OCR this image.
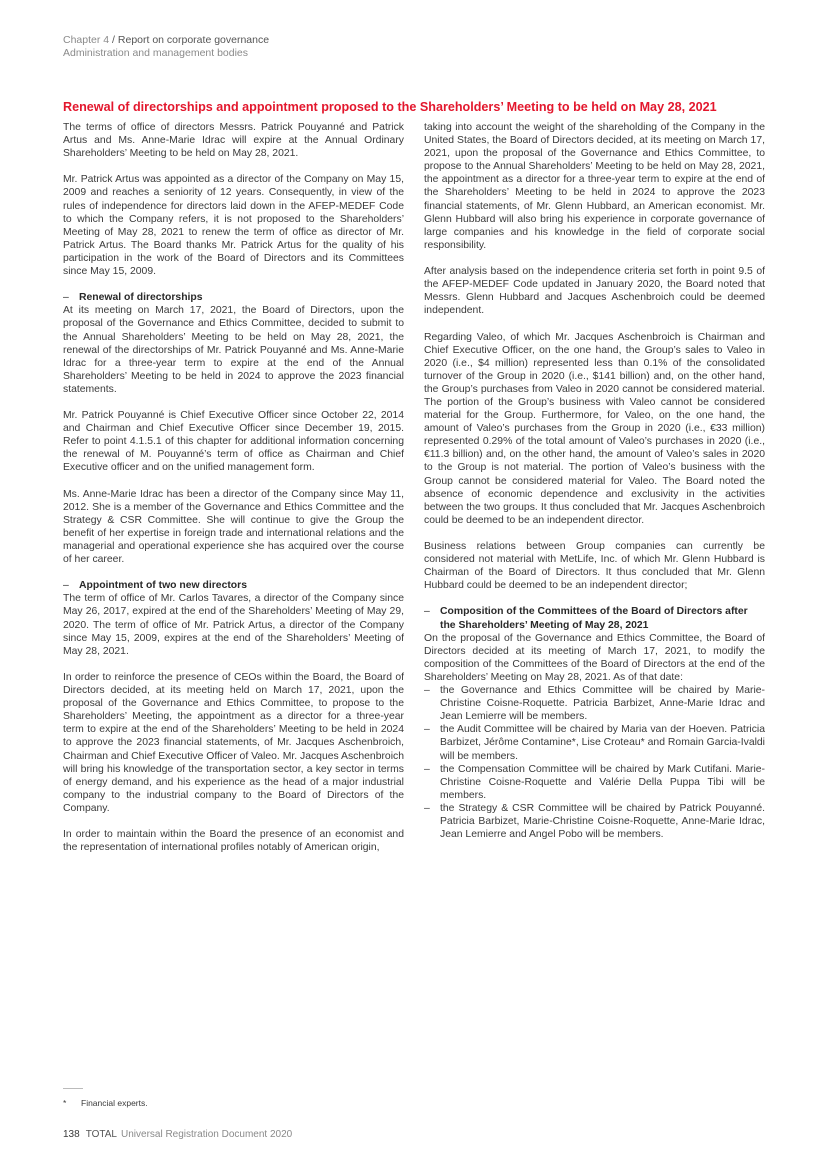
Chapter 4 / Report on corporate governance
Administration and management bodies
Renewal of directorships and appointment proposed to the Shareholders’ Meeting to be held on May 28, 2021

The terms of office of directors Messrs. Patrick Pouyanné and Patrick Artus and Ms. Anne-Marie Idrac will expire at the Annual Ordinary Shareholders’ Meeting to be held on May 28, 2021.

Mr. Patrick Artus was appointed as a director of the Company on May 15, 2009 and reaches a seniority of 12 years. Consequently, in view of the rules of independence for directors laid down in the AFEP-MEDEF Code to which the Company refers, it is not proposed to the Shareholders’ Meeting of May 28, 2021 to renew the term of office as director of Mr. Patrick Artus. The Board thanks Mr. Patrick Artus for the quality of his participation in the work of the Board of Directors and its Committees since May 15, 2009.

– Renewal of directorships

At its meeting on March 17, 2021, the Board of Directors, upon the proposal of the Governance and Ethics Committee, decided to submit to the Annual Shareholders’ Meeting to be held on May 28, 2021, the renewal of the directorships of Mr. Patrick Pouyanné and Ms. Anne-Marie Idrac for a three-year term to expire at the end of the Annual Shareholders’ Meeting to be held in 2024 to approve the 2023 financial statements.

Mr. Patrick Pouyanné is Chief Executive Officer since October 22, 2014 and Chairman and Chief Executive Officer since December 19, 2015. Refer to point 4.1.5.1 of this chapter for additional information concerning the renewal of M. Pouyanné’s term of office as Chairman and Chief Executive officer and on the unified management form.

Ms. Anne-Marie Idrac has been a director of the Company since May 11, 2012. She is a member of the Governance and Ethics Committee and the Strategy & CSR Committee. She will continue to give the Group the benefit of her expertise in foreign trade and international relations and the managerial and operational experience she has acquired over the course of her career.

– Appointment of two new directors

The term of office of Mr. Carlos Tavares, a director of the Company since May 26, 2017, expired at the end of the Shareholders’ Meeting of May 29, 2020. The term of office of Mr. Patrick Artus, a director of the Company since May 15, 2009, expires at the end of the Shareholders’ Meeting of May 28, 2021.

In order to reinforce the presence of CEOs within the Board, the Board of Directors decided, at its meeting held on March 17, 2021, upon the proposal of the Governance and Ethics Committee, to propose to the Shareholders’ Meeting, the appointment as a director for a three-year term to expire at the end of the Shareholders’ Meeting to be held in 2024 to approve the 2023 financial statements, of Mr. Jacques Aschenbroich, Chairman and Chief Executive Officer of Valeo. Mr. Jacques Aschenbroich will bring his knowledge of the transportation sector, a key sector in terms of energy demand, and his experience as the head of a major industrial company to the industrial company to the Board of Directors of the Company.

In order to maintain within the Board the presence of an economist and the representation of international profiles notably of American origin,

taking into account the weight of the shareholding of the Company in the United States, the Board of Directors decided, at its meeting on March 17, 2021, upon the proposal of the Governance and Ethics Committee, to propose to the Annual Shareholders’ Meeting to be held on May 28, 2021, the appointment as a director for a three-year term to expire at the end of the Shareholders’ Meeting to be held in 2024 to approve the 2023 financial statements, of Mr. Glenn Hubbard, an American economist. Mr. Glenn Hubbard will also bring his experience in corporate governance of large companies and his knowledge in the field of corporate social responsibility.

After analysis based on the independence criteria set forth in point 9.5 of the AFEP-MEDEF Code updated in January 2020, the Board noted that Messrs. Glenn Hubbard and Jacques Aschenbroich could be deemed independent.

Regarding Valeo, of which Mr. Jacques Aschenbroich is Chairman and Chief Executive Officer, on the one hand, the Group’s sales to Valeo in 2020 (i.e., $4 million) represented less than 0.1% of the consolidated turnover of the Group in 2020 (i.e., $141 billion) and, on the other hand, the Group’s purchases from Valeo in 2020 cannot be considered material. The portion of the Group’s business with Valeo cannot be considered material for the Group. Furthermore, for Valeo, on the one hand, the amount of Valeo’s purchases from the Group in 2020 (i.e., €33 million) represented 0.29% of the total amount of Valeo’s purchases in 2020 (i.e., €11.3 billion) and, on the other hand, the amount of Valeo’s sales in 2020 to the Group is not material. The portion of Valeo’s business with the Group cannot be considered material for Valeo. The Board noted the absence of economic dependence and exclusivity in the activities between the two groups. It thus concluded that Mr. Jacques Aschenbroich could be deemed to be an independent director.

Business relations between Group companies can currently be considered not material with MetLife, Inc. of which Mr. Glenn Hubbard is Chairman of the Board of Directors. It thus concluded that Mr. Glenn Hubbard could be deemed to be an independent director;

– Composition of the Committees of the Board of Directors after the Shareholders’ Meeting of May 28, 2021

On the proposal of the Governance and Ethics Committee, the Board of Directors decided at its meeting of March 17, 2021, to modify the composition of the Committees of the Board of Directors at the end of the Shareholders’ Meeting on May 28, 2021. As of that date:

– the Governance and Ethics Committee will be chaired by Marie-Christine Coisne-Roquette. Patricia Barbizet, Anne-Marie Idrac and Jean Lemierre will be members.
– the Audit Committee will be chaired by Maria van der Hoeven. Patricia Barbizet, Jérôme Contamine*, Lise Croteau* and Romain Garcia-Ivaldi will be members.
– the Compensation Committee will be chaired by Mark Cutifani. Marie-Christine Coisne-Roquette and Valérie Della Puppa Tibi will be members.
– the Strategy & CSR Committee will be chaired by Patrick Pouyanné. Patricia Barbizet, Marie-Christine Coisne-Roquette, Anne-Marie Idrac, Jean Lemierre and Angel Pobo will be members.
* Financial experts.
138 TOTAL Universal Registration Document 2020
